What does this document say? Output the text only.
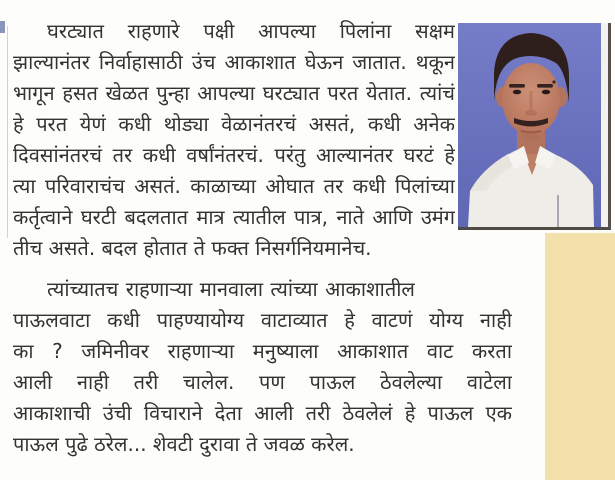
घरट्यात राहणारे पक्षी आपल्या पिलांना सक्षम

झाल्यानंतर निर्वाहासाठी उंच आकाशात घेऊन जातात. थकून

भागून हसत खेळत पुन्हा आपल्या घरट्यात परत येतात. त्यांचं

हे परत येणं कधी थोड्या वेळानंतरचं असतं, कधी अनेक

दिवसांनंतरचं तर कधी वर्षांनंतरचं. परंतु आल्यानंतर घरटं हे

त्या परिवाराचंच असतं. काळाच्या ओघात तर कधी पिलांच्या

कर्तृत्वाने घरटी बदलतात मात्र त्यातील पात्र, नाते आणि उमंग

तीच असते. बदल होतात ते फक्त निसर्गनियमानेच.

त्यांच्यातच राहणाऱ्या मानवाला त्यांच्या आकाशातील

पाऊलवाटा कधी पाहण्यायोग्य वाटाव्यात हे वाटणं योग्य नाही

का ? जमिनीवर राहणाऱ्या मनुष्याला आकाशात वाट करता

आली नाही तरी चालेल. पण पाऊल ठेवलेल्या वाटेला

आकाशाची उंची विचाराने देता आली तरी ठेवलेलं हे पाऊल एक

पाऊल पुढे ठरेल... शेवटी दुरावा ते जवळ करेल.
